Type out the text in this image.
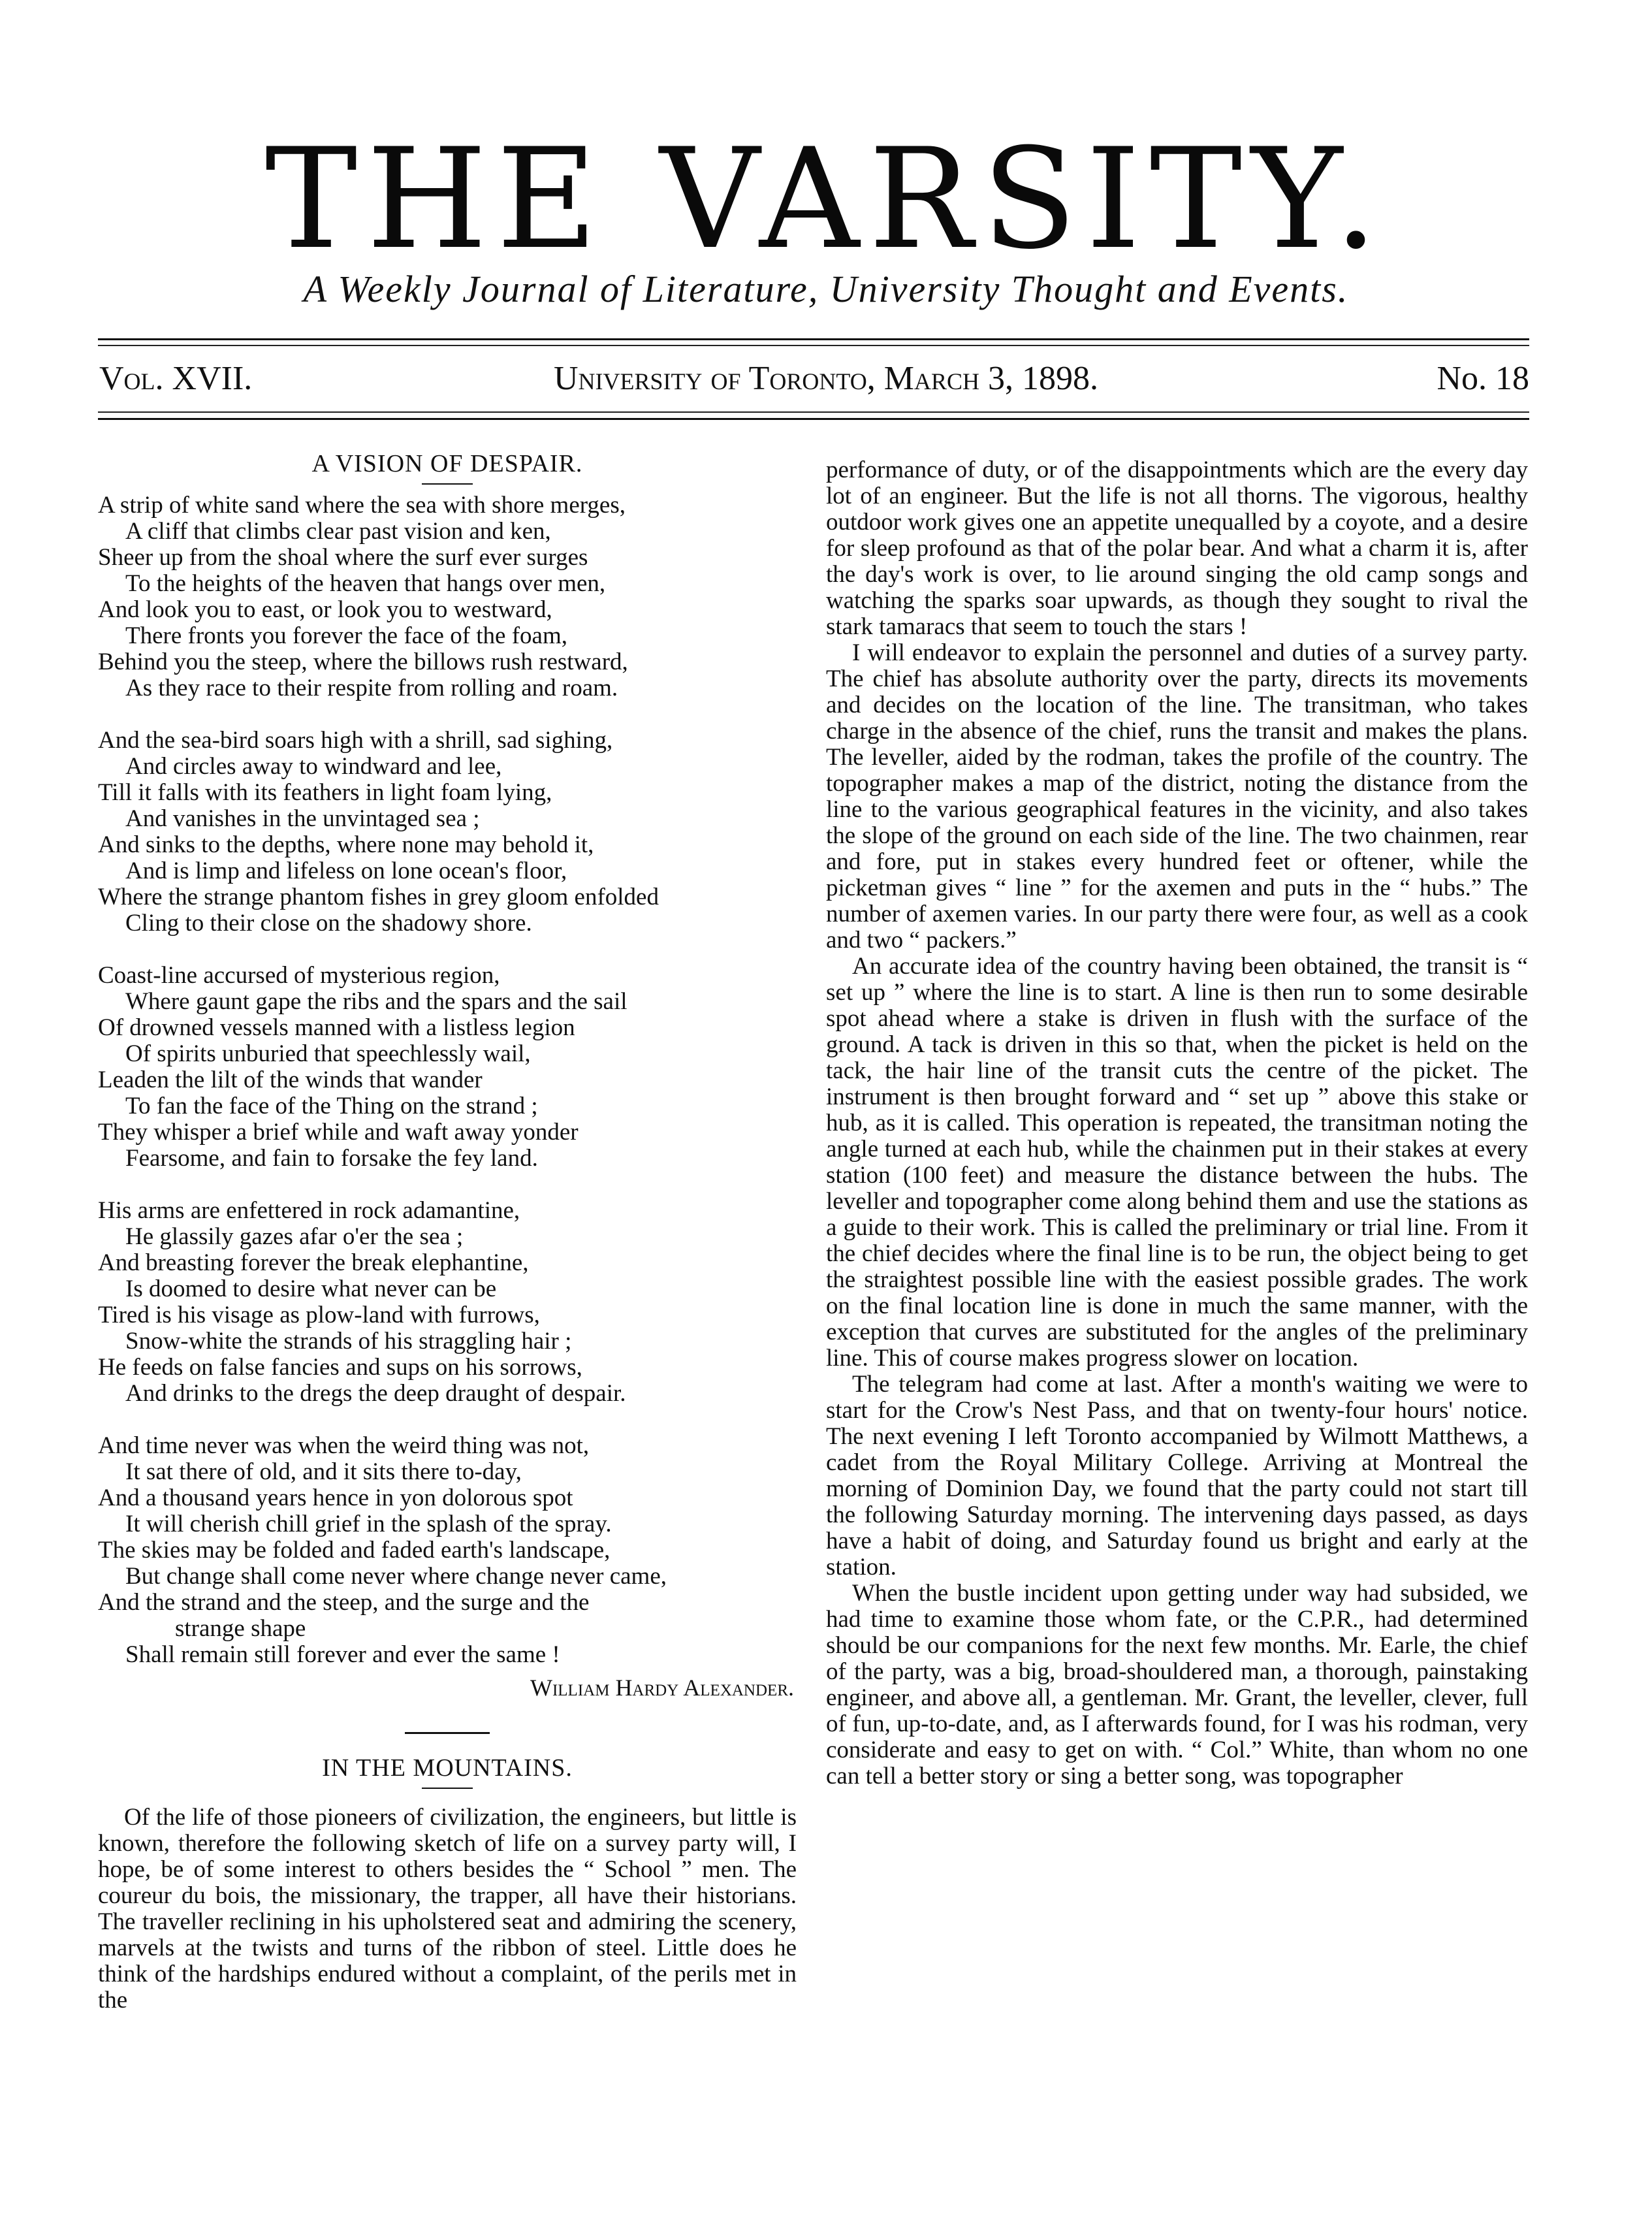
THE VARSITY.
A Weekly Journal of Literature, University Thought and Events.
Vol. XVII.	University of Toronto, March 3, 1898.	No. 18
A VISION OF DESPAIR.
A strip of white sand where the sea with shore merges,
A cliff that climbs clear past vision and ken,
Sheer up from the shoal where the surf ever surges
To the heights of the heaven that hangs over men,
And look you to east, or look you to westward,
There fronts you forever the face of the foam,
Behind you the steep, where the billows rush restward,
As they race to their respite from rolling and roam.
And the sea-bird soars high with a shrill, sad sighing,
And circles away to windward and lee,
Till it falls with its feathers in light foam lying,
And vanishes in the unvintaged sea ;
And sinks to the depths, where none may behold it,
And is limp and lifeless on lone ocean's floor,
Where the strange phantom fishes in grey gloom enfolded
Cling to their close on the shadowy shore.
Coast-line accursed of mysterious region,
Where gaunt gape the ribs and the spars and the sail
Of drowned vessels manned with a listless legion
Of spirits unburied that speechlessly wail,
Leaden the lilt of the winds that wander
To fan the face of the Thing on the strand ;
They whisper a brief while and waft away yonder
Fearsome, and fain to forsake the fey land.
His arms are enfettered in rock adamantine,
He glassily gazes afar o'er the sea ;
And breasting forever the break elephantine,
Is doomed to desire what never can be
Tired is his visage as plow-land with furrows,
Snow-white the strands of his straggling hair ;
He feeds on false fancies and sups on his sorrows,
And drinks to the dregs the deep draught of despair.
And time never was when the weird thing was not,
It sat there of old, and it sits there to-day,
And a thousand years hence in yon dolorous spot
It will cherish chill grief in the splash of the spray.
The skies may be folded and faded earth's landscape,
But change shall come never where change never came,
And the strand and the steep, and the surge and the
strange shape
Shall remain still forever and ever the same !
William Hardy Alexander.
IN THE MOUNTAINS.

Of the life of those pioneers of civilization, the engineers, but little is known, therefore the following sketch of life on a survey party will, I hope, be of some interest to others besides the “ School ” men. The coureur du bois, the missionary, the trapper, all have their historians. The traveller reclining in his upholstered seat and admiring the scenery, marvels at the twists and turns of the ribbon of steel. Little does he think of the hardships endured without a complaint, of the perils met in the

performance of duty, or of the disappointments which are the every day lot of an engineer. But the life is not all thorns. The vigorous, healthy outdoor work gives one an appetite unequalled by a coyote, and a desire for sleep profound as that of the polar bear. And what a charm it is, after the day's work is over, to lie around singing the old camp songs and watching the sparks soar upwards, as though they sought to rival the stark tamaracs that seem to touch the stars !

I will endeavor to explain the personnel and duties of a survey party. The chief has absolute authority over the party, directs its movements and decides on the location of the line. The transitman, who takes charge in the absence of the chief, runs the transit and makes the plans. The leveller, aided by the rodman, takes the profile of the country. The topographer makes a map of the district, noting the distance from the line to the various geographical features in the vicinity, and also takes the slope of the ground on each side of the line. The two chainmen, rear and fore, put in stakes every hundred feet or oftener, while the picketman gives “ line ” for the axemen and puts in the “ hubs.” The number of axemen varies. In our party there were four, as well as a cook and two “ packers.”

An accurate idea of the country having been obtained, the transit is “ set up ” where the line is to start. A line is then run to some desirable spot ahead where a stake is driven in flush with the surface of the ground. A tack is driven in this so that, when the picket is held on the tack, the hair line of the transit cuts the centre of the picket. The instrument is then brought forward and “ set up ” above this stake or hub, as it is called. This operation is repeated, the transitman noting the angle turned at each hub, while the chainmen put in their stakes at every station (100 feet) and measure the distance between the hubs. The leveller and topographer come along behind them and use the stations as a guide to their work. This is called the preliminary or trial line. From it the chief decides where the final line is to be run, the object being to get the straightest possible line with the easiest possible grades. The work on the final location line is done in much the same manner, with the exception that curves are substituted for the angles of the preliminary line. This of course makes progress slower on location.

The telegram had come at last. After a month's waiting we were to start for the Crow's Nest Pass, and that on twenty-four hours' notice. The next evening I left Toronto accompanied by Wilmott Matthews, a cadet from the Royal Military College. Arriving at Montreal the morning of Dominion Day, we found that the party could not start till the following Saturday morning. The intervening days passed, as days have a habit of doing, and Saturday found us bright and early at the station.

When the bustle incident upon getting under way had subsided, we had time to examine those whom fate, or the C.P.R., had determined should be our companions for the next few months. Mr. Earle, the chief of the party, was a big, broad-shouldered man, a thorough, painstaking engineer, and above all, a gentleman. Mr. Grant, the leveller, clever, full of fun, up-to-date, and, as I afterwards found, for I was his rodman, very considerate and easy to get on with. “ Col.” White, than whom no one can tell a better story or sing a better song, was topographer
